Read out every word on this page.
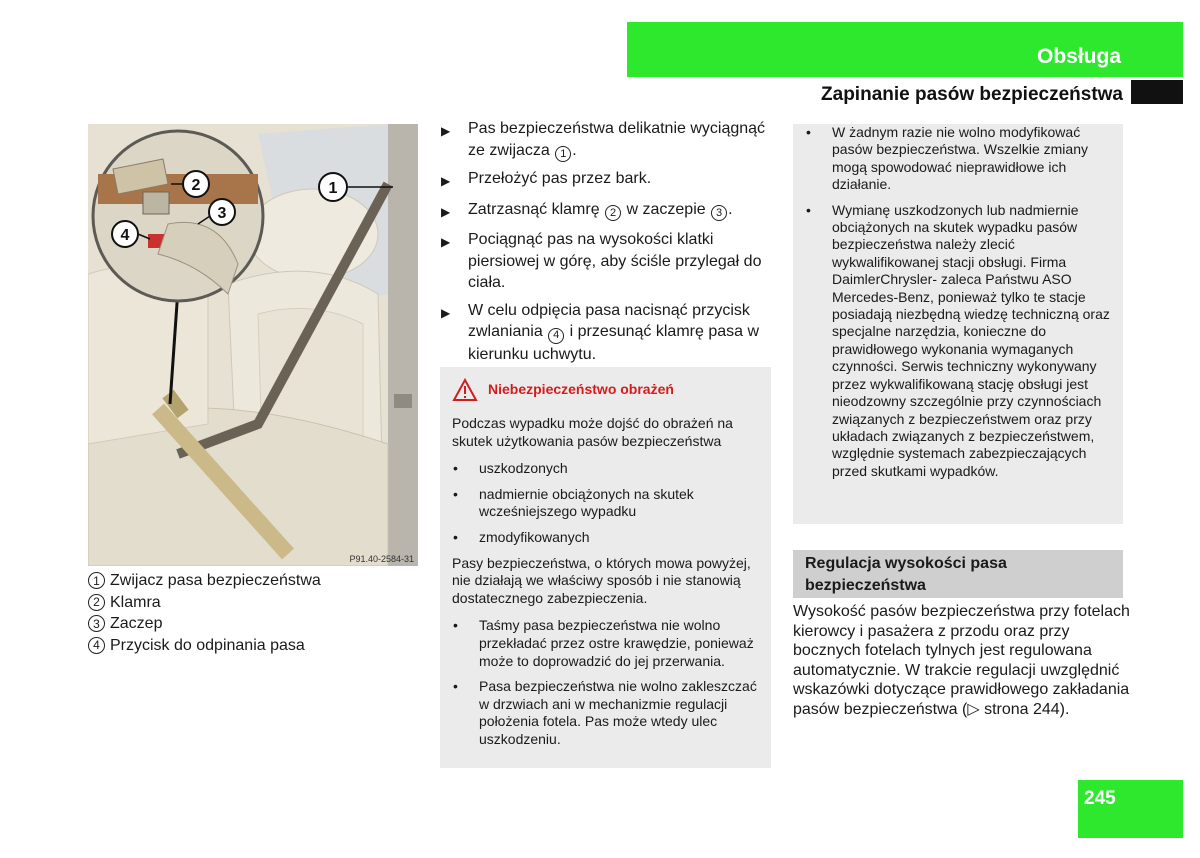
Obsługa
Zapinanie pasów bezpieczeństwa
1
2
3
4
P91.40-2584-31
1 Zwijacz pasa bezpieczeństwa
2 Klamra
3 Zaczep
4 Przycisk do odpinania pasa
▶	Pas bezpieczeństwa delikatnie wyciągnąć ze zwijacza 1 .
▶	Przełożyć pas przez bark.
▶	Zatrzasnąć klamrę 2 w zaczepie 3 .
▶	Pociągnąć pas na wysokości klatki piersiowej w górę, aby ściśle przylegał do ciała.
▶	W celu odpięcia pasa nacisnąć przycisk zwlaniania 4 i przesunąć klamrę pasa w kierunku uchwytu.
Niebezpieczeństwo obrażeń

Podczas wypadku może dojść do obrażeń na skutek użytkowania pasów bezpieczeństwa

•	uszkodzonych
•	nadmiernie obciążonych na skutek wcześniejszego wypadku
•	zmodyfikowanych

Pasy bezpieczeństwa, o których mowa powyżej, nie działają we właściwy sposób i nie stanowią dostatecznego zabezpieczenia.

•	Taśmy pasa bezpieczeństwa nie wolno przekładać przez ostre krawędzie, ponieważ może to doprowadzić do jej przerwania.
•	Pasa bezpieczeństwa nie wolno zakleszczać w drzwiach ani w mechanizmie regulacji położenia fotela. Pas może wtedy ulec uszkodzeniu.
•	W żadnym razie nie wolno modyfikować pasów bezpieczeństwa. Wszelkie zmiany mogą spowodować nieprawidłowe ich działanie.
•	Wymianę uszkodzonych lub nadmiernie obciążonych na skutek wypadku pasów bezpieczeństwa należy zlecić wykwalifikowanej stacji obsługi. Firma DaimlerChrysler- zaleca Państwu ASO Mercedes-Benz, ponieważ tylko te stacje posiadają niezbędną wiedzę techniczną oraz specjalne narzędzia, konieczne do prawidłowego wykonania wymaganych czynności. Serwis techniczny wykonywany przez wykwalifikowaną stację obsługi jest nieodzowny szczególnie przy czynnościach związanych z bezpieczeństwem oraz przy układach związanych z bezpieczeństwem, względnie systemach zabezpieczających przed skutkami wypadków.
Regulacja wysokości pasa bezpieczeństwa

Wysokość pasów bezpieczeństwa przy fotelach kierowcy i pasażera z przodu oraz przy bocznych fotelach tylnych jest regulowana automatycznie. W trakcie regulacji uwzględnić wskazówki dotyczące prawidłowego zakładania pasów bezpieczeństwa (▷ strona 244).

245
